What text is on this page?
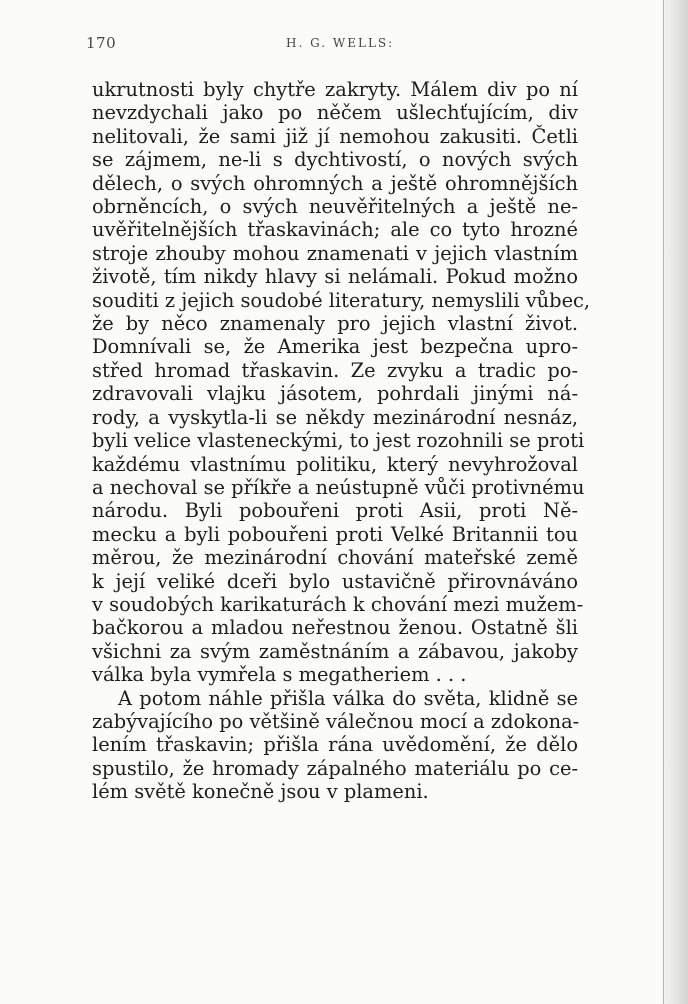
170	H. G. WELLS:
ukrutnosti byly chytře zakryty. Málem div po ní
nevzdychali jako po něčem ušlechťujícím, div
nelitovali, že sami již jí nemohou zakusiti. Četli
se zájmem, ne-li s dychtivostí, o nových svých
dělech, o svých ohromných a ještě ohromnějších
obrněncích, o svých neuvěřitelných a ještě ne-
uvěřitelnějších třaskavinách; ale co tyto hrozné
stroje zhouby mohou znamenati v jejich vlastním
životě, tím nikdy hlavy si nelámali. Pokud možno
souditi z jejich soudobé literatury, nemyslili vůbec,
že by něco znamenaly pro jejich vlastní život.
Domnívali se, že Amerika jest bezpečna upro-
střed hromad třaskavin. Ze zvyku a tradic po-
zdravovali vlajku jásotem, pohrdali jinými ná-
rody, a vyskytla-li se někdy mezinárodní nesnáz,
byli velice vlasteneckými, to jest rozohnili se proti
každému vlastnímu politiku, který nevyhrožoval
a nechoval se příkře a neústupně vůči protivnému
národu. Byli pobouřeni proti Asii, proti Ně-
mecku a byli pobouřeni proti Velké Britannii tou
měrou, že mezinárodní chování mateřské země
k její veliké dceři bylo ustavičně přirovnáváno
v soudobých karikaturách k chování mezi mužem-
bačkorou a mladou neřestnou ženou. Ostatně šli
všichni za svým zaměstnáním a zábavou, jakoby
válka byla vymřela s megatheriem . . .
A potom náhle přišla válka do světa, klidně se
zabývajícího po většině válečnou mocí a zdokona-
lením třaskavin; přišla rána uvědomění, že dělo
spustilo, že hromady zápalného materiálu po ce-
lém světě konečně jsou v plameni.
